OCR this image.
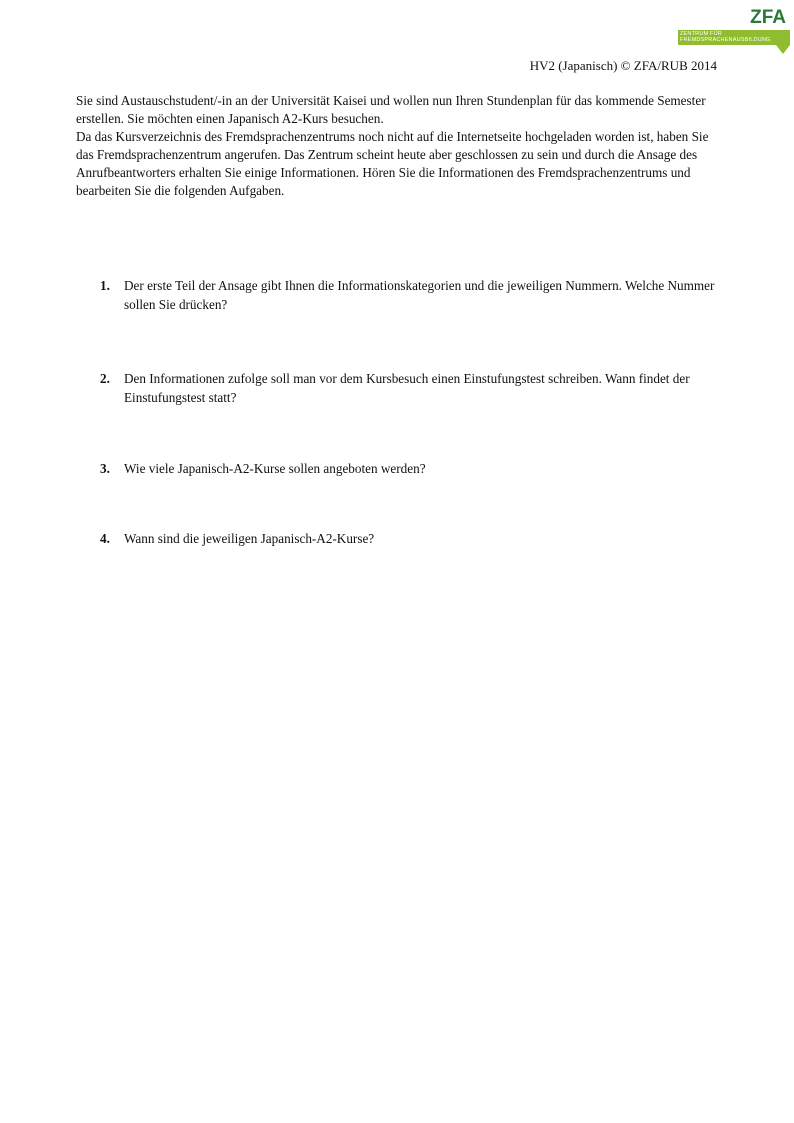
ZFA
ZENTRUM FÜR
FREMDSPRACHENAUSBILDUNG
HV2 (Japanisch) © ZFA/RUB 2014

Sie sind Austauschstudent/-in an der Universität Kaisei und wollen nun Ihren Stundenplan für das kommende Semester erstellen. Sie möchten einen Japanisch A2-Kurs besuchen.

Da das Kursverzeichnis des Fremdsprachenzentrums noch nicht auf die Internetseite hochgeladen worden ist, haben Sie das Fremdsprachenzentrum angerufen. Das Zentrum scheint heute aber geschlossen zu sein und durch die Ansage des Anrufbeantworters erhalten Sie einige Informationen. Hören Sie die Informationen des Fremdsprachenzentrums und bearbeiten Sie die folgenden Aufgaben.

1. Der erste Teil der Ansage gibt Ihnen die Informationskategorien und die jeweiligen Nummern. Welche Nummer sollen Sie drücken?
2. Den Informationen zufolge soll man vor dem Kursbesuch einen Einstufungstest schreiben. Wann findet der Einstufungstest statt?
3. Wie viele Japanisch-A2-Kurse sollen angeboten werden?
4. Wann sind die jeweiligen Japanisch-A2-Kurse?
